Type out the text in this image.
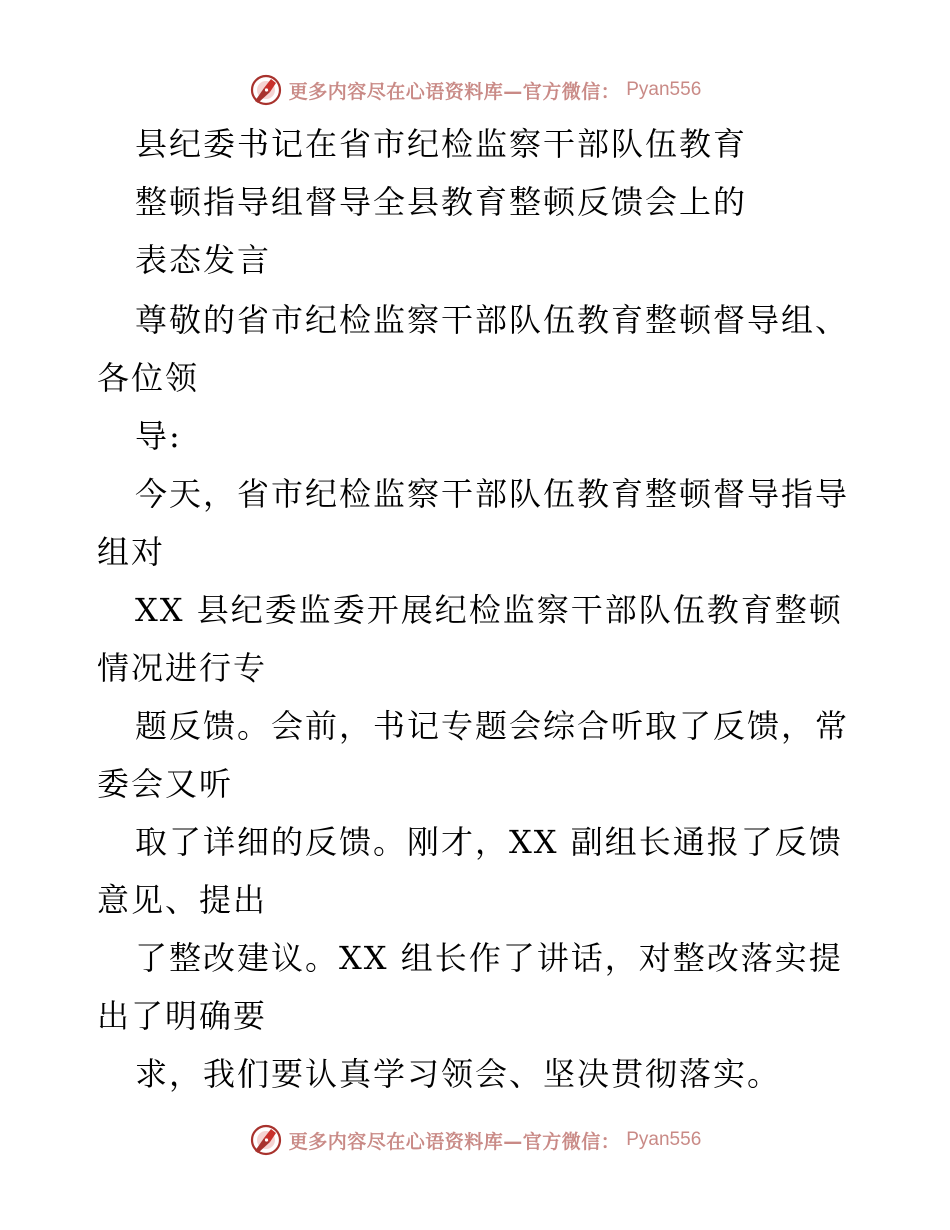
更多内容尽在心语资料库—官方微信： Pyan556
县纪委书记在省市纪检监察干部队伍教育
整顿指导组督导全县教育整顿反馈会上的
表态发言
尊敬的省市纪检监察干部队伍教育整顿督导组、
各位领
导:
今天，省市纪检监察干部队伍教育整顿督导指导
组对
XX 县纪委监委开展纪检监察干部队伍教育整顿
情况进行专
题反馈。会前，书记专题会综合听取了反馈，常
委会又听
取了详细的反馈。刚才，XX 副组长通报了反馈
意见、提出
了整改建议。XX 组长作了讲话，对整改落实提
出了明确要
求，我们要认真学习领会、坚决贯彻落实。
更多内容尽在心语资料库—官方微信： Pyan556
